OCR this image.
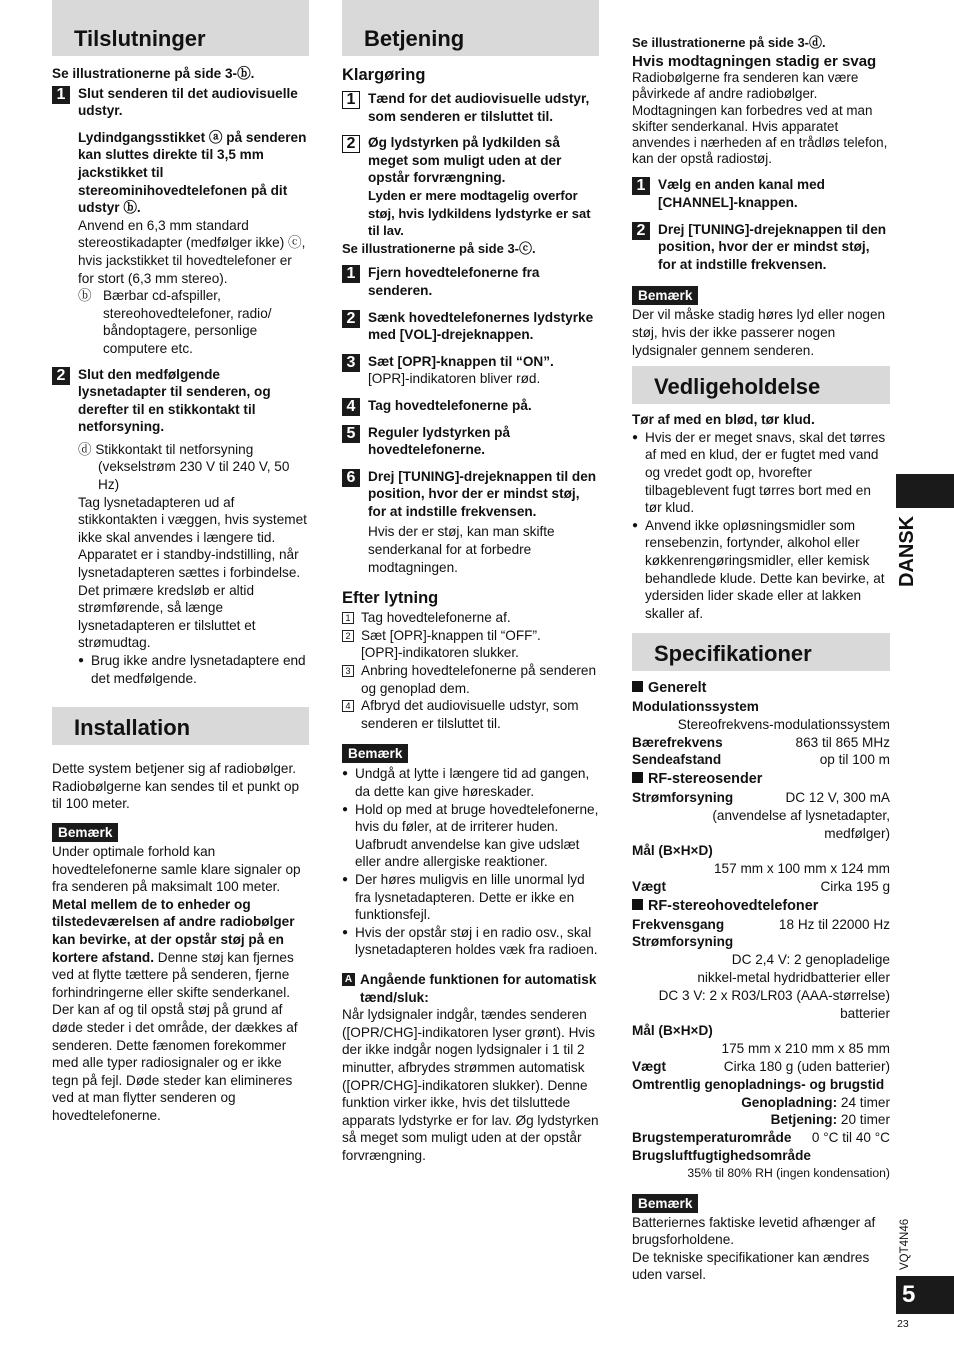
Tilslutninger

Se illustrationerne på side 3-ⓑ.

1 Slut senderen til det audiovisuelle udstyr.

Lydindgangsstikket ⓐ på senderen kan sluttes direkte til 3,5 mm jackstikket til stereominihovedtelefonen på dit udstyr ⓑ.

Anvend en 6,3 mm standard stereostikadapter (medfølger ikke) ⓒ, hvis jackstikket til hovedtelefoner er for stort (6,3 mm stereo).

ⓑ Bærbar cd-afspiller, stereohovedtelefoner, radio/ båndoptagere, personlige computere etc.

2 Slut den medfølgende lysnetadapter til senderen, og derefter til en stikkontakt til netforsyning.

ⓓ Stikkontakt til netforsyning (vekselstrøm 230 V til 240 V, 50 Hz)

Tag lysnetadapteren ud af stikkontakten i væggen, hvis systemet ikke skal anvendes i længere tid.

Apparatet er i standby-indstilling, når lysnetadapteren sættes i forbindelse. Det primære kredsløb er altid strømførende, så længe lysnetadapteren er tilsluttet et strømudtag.

● Brug ikke andre lysnetadaptere end det medfølgende.

Installation

Dette system betjener sig af radiobølger.

Radiobølgerne kan sendes til et punkt op til 100 meter.

Bemærk

Under optimale forhold kan hovedtelefonerne samle klare signaler op fra senderen på maksimalt 100 meter. Metal mellem de to enheder og tilstedeværelsen af andre radiobølger kan bevirke, at der opstår støj på en kortere afstand. Denne støj kan fjernes ved at flytte tættere på senderen, fjerne forhindringerne eller skifte senderkanel.

Der kan af og til opstå støj på grund af døde steder i det område, der dækkes af senderen. Dette fænomen forekommer med alle typer radiosignaler og er ikke tegn på fejl. Døde steder kan elimineres ved at man flytter senderen og hovedtelefonerne.

Betjening

Klargøring

1 Tænd for det audiovisuelle udstyr, som senderen er tilsluttet til.

2 Øg lydstyrken på lydkilden så meget som muligt uden at der opstår forvrængning.

Lyden er mere modtagelig overfor støj, hvis lydkildens lydstyrke er sat til lav.

Se illustrationerne på side 3-ⓒ.

1 Fjern hovedtelefonerne fra senderen.

2 Sænk hovedtelefonernes lydstyrke med [VOL]-drejeknappen.

3 Sæt [OPR]-knappen til “ON”.

[OPR]-indikatoren bliver rød.

4 Tag hovedtelefonerne på.

5 Reguler lydstyrken på hovedtelefonerne.

6 Drej [TUNING]-drejeknappen til den position, hvor der er mindst støj, for at indstille frekvensen.

Hvis der er støj, kan man skifte senderkanal for at forbedre modtagningen.

Efter lytning

1 Tag hovedtelefonerne af.
2 Sæt [OPR]-knappen til “OFF”.
[OPR]-indikatoren slukker.
3 Anbring hovedtelefonerne på senderen og genoplad dem.
4 Afbryd det audiovisuelle udstyr, som senderen er tilsluttet til.
Bemærk

● Undgå at lytte i længere tid ad gangen, da dette kan give høreskader.

● Hold op med at bruge hovedtelefonerne, hvis du føler, at de irriterer huden.

Uafbrudt anvendelse kan give udslæt eller andre allergiske reaktioner.

● Der høres muligvis en lille unormal lyd fra lysnetadapteren. Dette er ikke en funktionsfejl.

● Hvis der opstår støj i en radio osv., skal lysnetadapteren holdes væk fra radioen.

A Angående funktionen for automatisk tænd/sluk:

Når lydsignaler indgår, tændes senderen ([OPR/CHG]-indikatoren lyser grønt). Hvis der ikke indgår nogen lydsignaler i 1 til 2 minutter, afbrydes strømmen automatisk ([OPR/CHG]-indikatoren slukker). Denne funktion virker ikke, hvis det tilsluttede apparats lydstyrke er for lav. Øg lydstyrken så meget som muligt uden at der opstår forvrængning.

Se illustrationerne på side 3-ⓓ.

Hvis modtagningen stadig er svag

Radiobølgerne fra senderen kan være påvirkede af andre radiobølger. Modtagningen kan forbedres ved at man skifter senderkanal. Hvis apparatet anvendes i nærheden af en trådløs telefon, kan der opstå radiostøj.

1 Vælg en anden kanal med [CHANNEL]-knappen.

2 Drej [TUNING]-drejeknappen til den position, hvor der er mindst støj, for at indstille frekvensen.

Bemærk

Der vil måske stadig høres lyd eller nogen støj, hvis der ikke passerer nogen lydsignaler gennem senderen.

Vedligeholdelse

Tør af med en blød, tør klud.

● Hvis der er meget snavs, skal det tørres af med en klud, der er fugtet med vand og vredet godt op, hvorefter tilbageblevent fugt tørres bort med en tør klud.

● Anvend ikke opløsningsmidler som rensebenzin, fortynder, alkohol eller køkkenrengøringsmidler, eller kemisk behandlede klude. Dette kan bevirke, at ydersiden lider skade eller at lakken skaller af.

Specifikationer

Generelt

Modulationssystem

Stereofrekvens-modulationssystem

Bærefrekvens	863 til 865 MHz
Sendeafstand	op til 100 m

RF-stereosender

Strømforsyning	DC 12 V, 300 mA

(anvendelse af lysnetadapter,

medfølger)

Mål (B×H×D)

157 mm x 100 mm x 124 mm

Vægt	Cirka 195 g

RF-stereohovedtelefoner

Frekvensgang	18 Hz til 22000 Hz

Strømforsyning

DC 2,4 V: 2 genopladelige

nikkel-metal hydridbatterier eller

DC 3 V: 2 x R03/LR03 (AAA-størrelse)

batterier

Mål (B×H×D)

175 mm x 210 mm x 85 mm

Vægt	Cirka 180 g (uden batterier)

Omtrentlig genopladnings- og brugstid

Genopladning: 24 timer

Betjening: 20 timer

Brugstemperaturområde 0 °C til 40 °C

Brugsluftfugtighedsområde

35% til 80% RH (ingen kondensation)

Bemærk

Batteriernes faktiske levetid afhænger af brugsforholdene.

De tekniske specifikationer kan ændres uden varsel.

DANSK
VQT4N46
5
23
